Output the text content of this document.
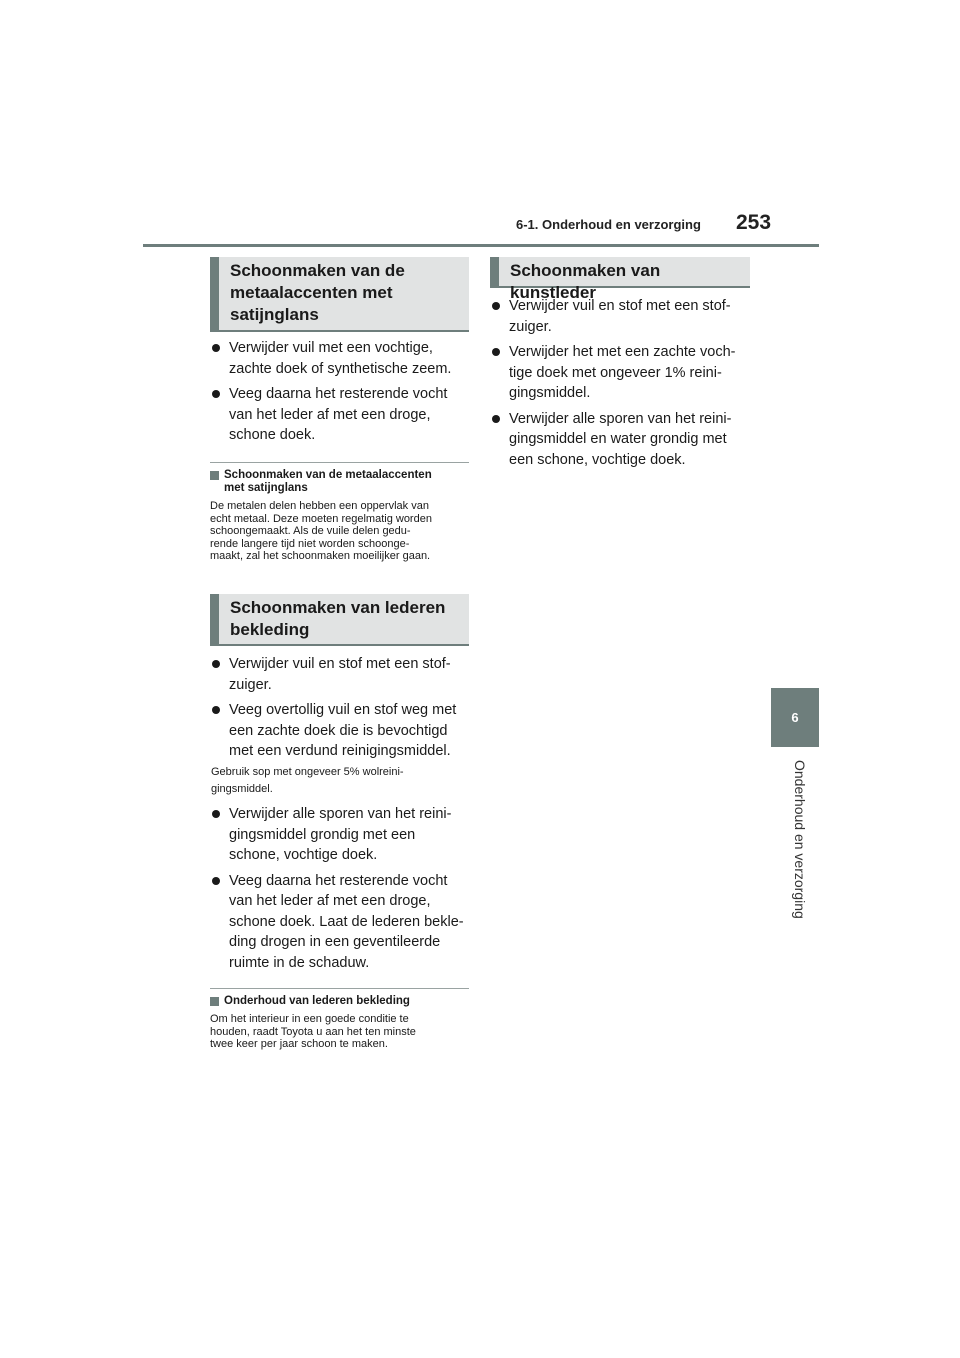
6-1. Onderhoud en verzorging 253
6
Onderhoud en verzorging
Schoonmaken van de
metaalaccenten met
satijnglans
Verwijder vuil met een vochtige,
zachte doek of synthetische zeem.
Veeg daarna het resterende vocht
van het leder af met een droge,
schone doek.
Schoonmaken van de metaalaccenten
met satijnglans
De metalen delen hebben een oppervlak van
echt metaal. Deze moeten regelmatig worden
schoongemaakt. Als de vuile delen gedu-
rende langere tijd niet worden schoonge-
maakt, zal het schoonmaken moeilijker gaan.
Schoonmaken van lederen
bekleding
Verwijder vuil en stof met een stof-
zuiger.
Veeg overtollig vuil en stof weg met
een zachte doek die is bevochtigd
met een verdund reinigingsmiddel.
Gebruik sop met ongeveer 5% wolreini-
gingsmiddel.
Verwijder alle sporen van het reini-
gingsmiddel grondig met een
schone, vochtige doek.
Veeg daarna het resterende vocht
van het leder af met een droge,
schone doek. Laat de lederen bekle-
ding drogen in een geventileerde
ruimte in de schaduw.
Onderhoud van lederen bekleding
Om het interieur in een goede conditie te
houden, raadt Toyota u aan het ten minste
twee keer per jaar schoon te maken.
Schoonmaken van kunstleder
Verwijder vuil en stof met een stof-
zuiger.
Verwijder het met een zachte voch-
tige doek met ongeveer 1% reini-
gingsmiddel.
Verwijder alle sporen van het reini-
gingsmiddel en water grondig met
een schone, vochtige doek.
